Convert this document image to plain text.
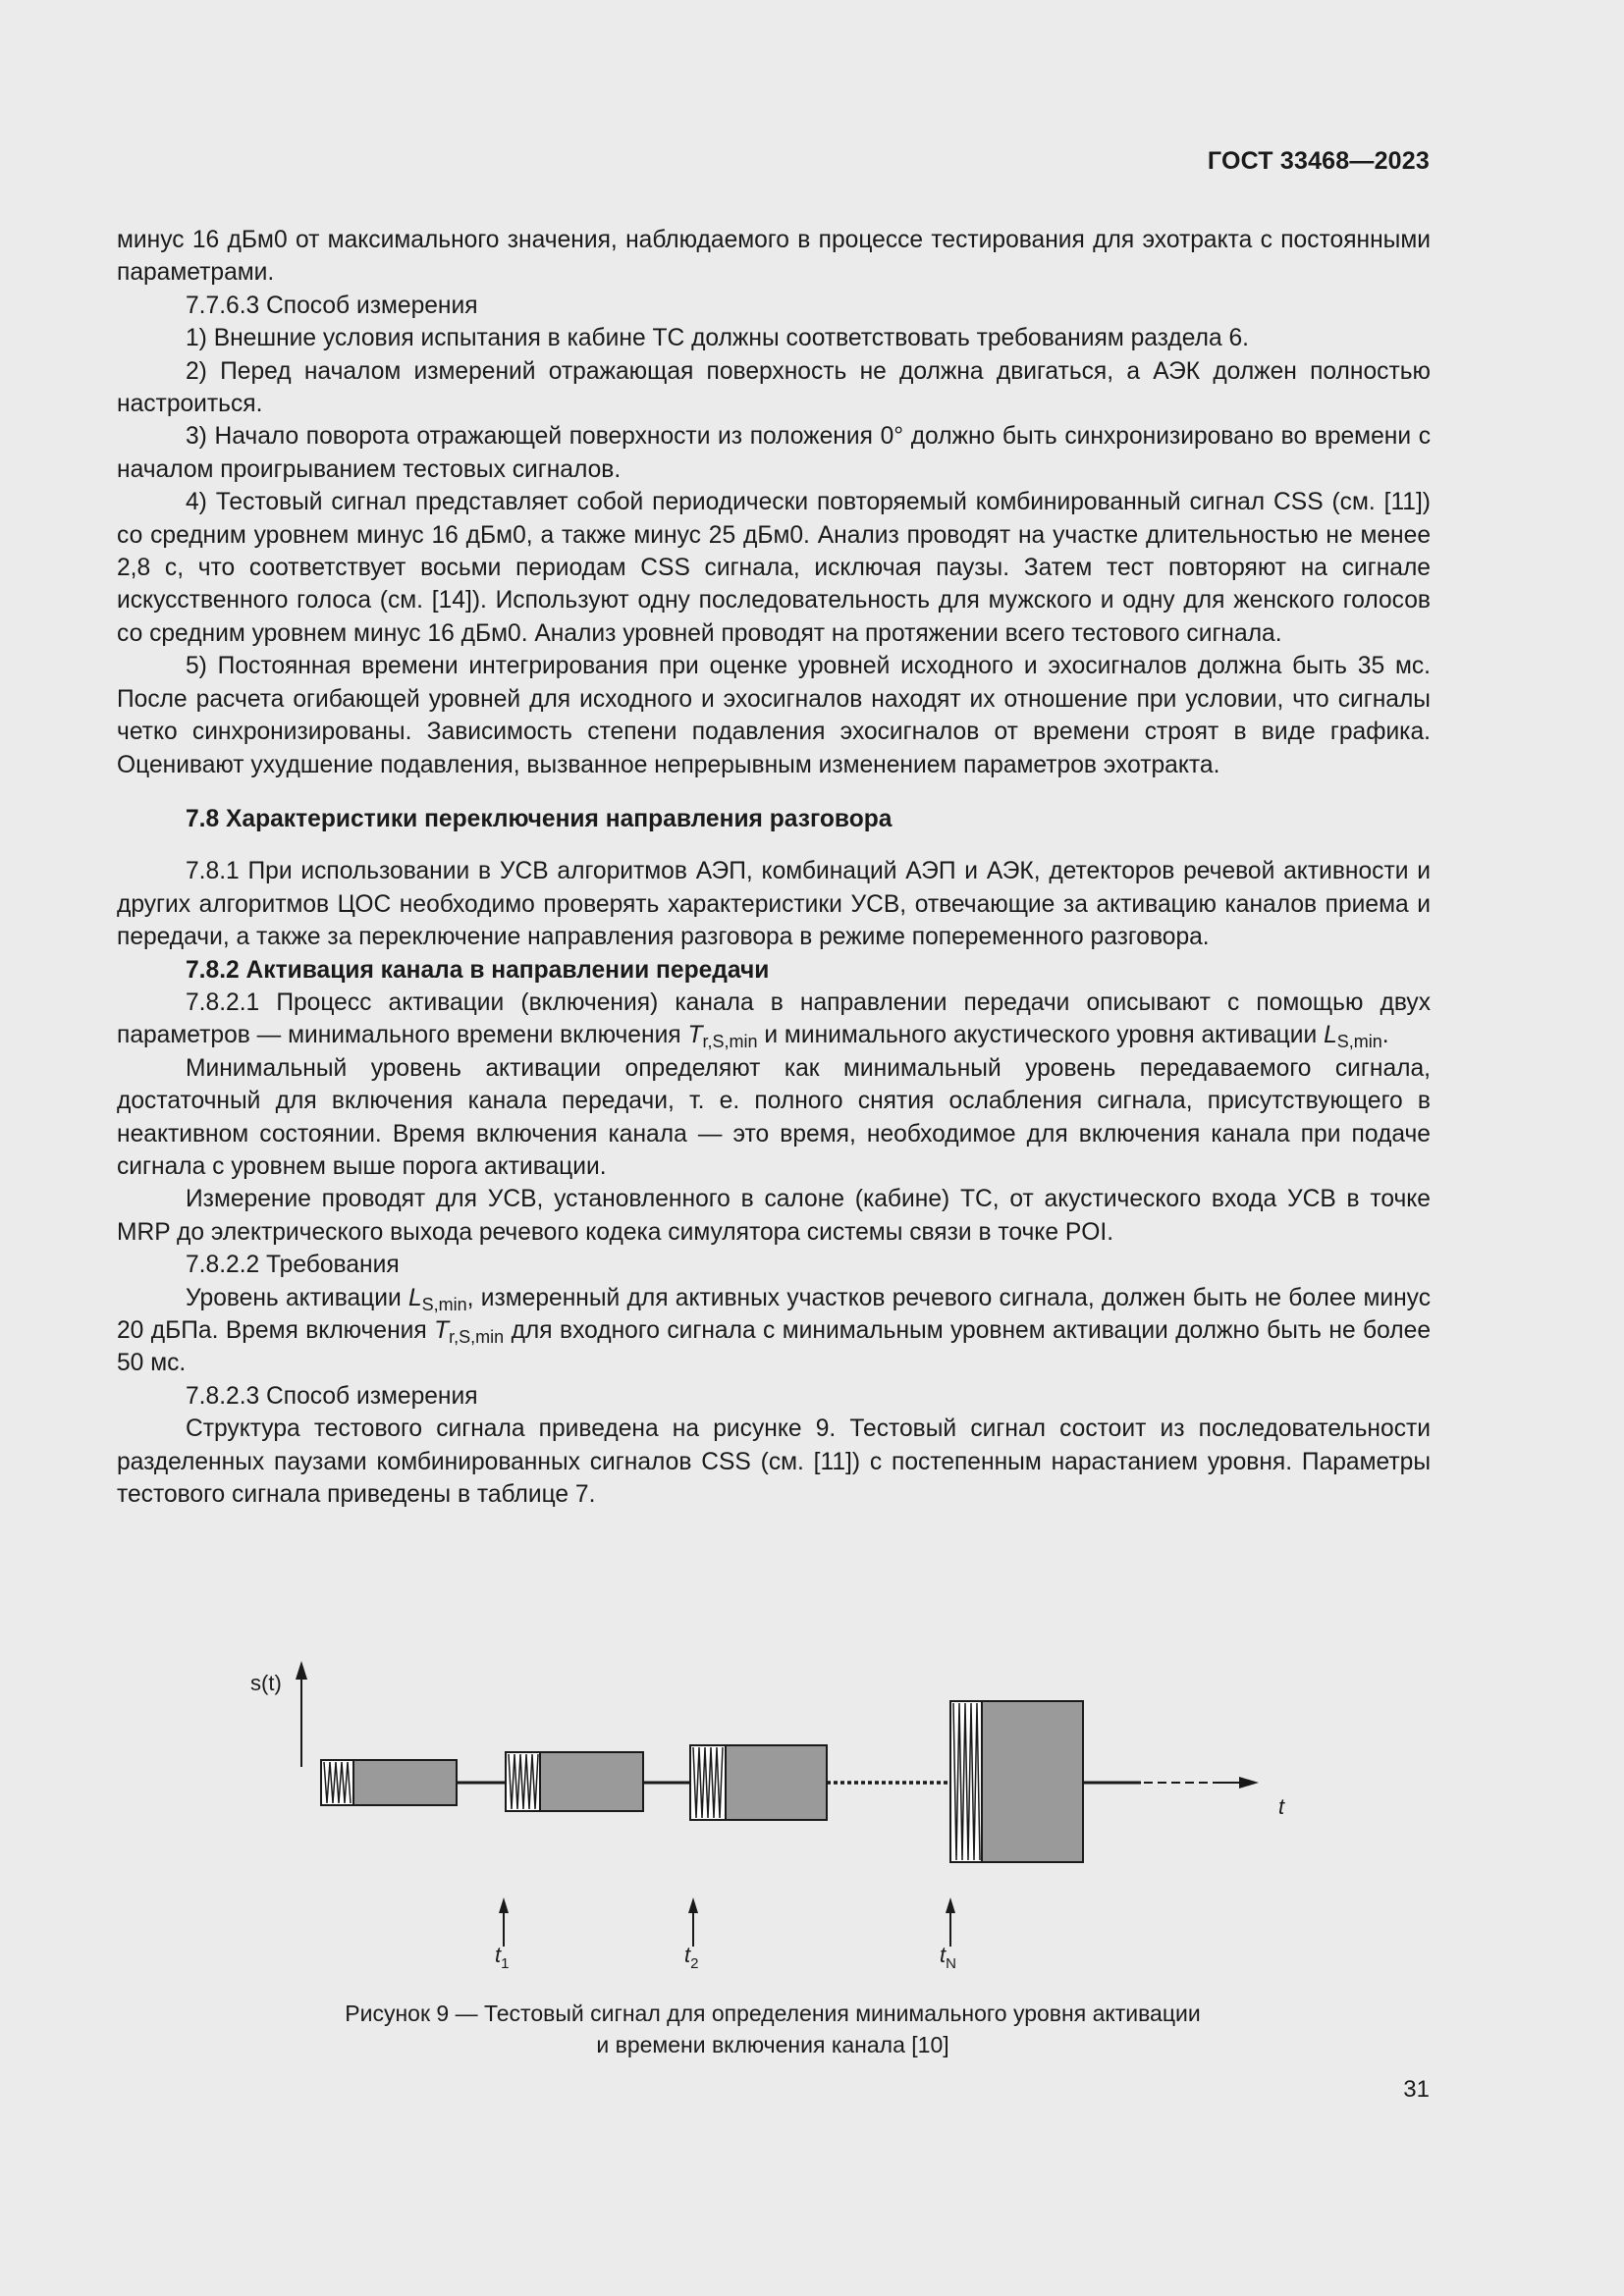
ГОСТ 33468—2023

минус 16 дБм0 от максимального значения, наблюдаемого в процессе тестирования для эхотракта с постоянными параметрами.

7.7.6.3 Способ измерения

1) Внешние условия испытания в кабине ТС должны соответствовать требованиям раздела 6.

2) Перед началом измерений отражающая поверхность не должна двигаться, а АЭК должен полностью настроиться.

3) Начало поворота отражающей поверхности из положения 0° должно быть синхронизировано во времени с началом проигрыванием тестовых сигналов.

4) Тестовый сигнал представляет собой периодически повторяемый комбинированный сигнал CSS (см. [11]) со средним уровнем минус 16 дБм0, а также минус 25 дБм0. Анализ проводят на участке длительностью не менее 2,8 с, что соответствует восьми периодам CSS сигнала, исключая паузы. Затем тест повторяют на сигнале искусственного голоса (см. [14]). Используют одну последовательность для мужского и одну для женского голосов со средним уровнем минус 16 дБм0. Анализ уровней проводят на протяжении всего тестового сигнала.

5) Постоянная времени интегрирования при оценке уровней исходного и эхосигналов должна быть 35 мс. После расчета огибающей уровней для исходного и эхосигналов находят их отношение при условии, что сигналы четко синхронизированы. Зависимость степени подавления эхосигналов от времени строят в виде графика. Оценивают ухудшение подавления, вызванное непрерывным изменением параметров эхотракта.

7.8 Характеристики переключения направления разговора

7.8.1 При использовании в УСВ алгоритмов АЭП, комбинаций АЭП и АЭК, детекторов речевой активности и других алгоритмов ЦОС необходимо проверять характеристики УСВ, отвечающие за активацию каналов приема и передачи, а также за переключение направления разговора в режиме попеременного разговора.

7.8.2 Активация канала в направлении передачи

7.8.2.1 Процесс активации (включения) канала в направлении передачи описывают с помощью двух параметров — минимального времени включения $T_{r,S,min}$ и минимального акустического уровня активации $L_{S,min}$.

Минимальный уровень активации определяют как минимальный уровень передаваемого сигнала, достаточный для включения канала передачи, т. е. полного снятия ослабления сигнала, присутствующего в неактивном состоянии. Время включения канала — это время, необходимое для включения канала при подаче сигнала с уровнем выше порога активации.

Измерение проводят для УСВ, установленного в салоне (кабине) ТС, от акустического входа УСВ в точке MRP до электрического выхода речевого кодека симулятора системы связи в точке POI.

7.8.2.2 Требования

Уровень активации $L_{S,min}$, измеренный для активных участков речевого сигнала, должен быть не более минус 20 дБПа. Время включения $T_{r,S,min}$ для входного сигнала с минимальным уровнем активации должно быть не более 50 мс.

7.8.2.3 Способ измерения

Структура тестового сигнала приведена на рисунке 9. Тестовый сигнал состоит из последовательности разделенных паузами комбинированных сигналов CSS (см. [11]) с постепенным нарастанием уровня. Параметры тестового сигнала приведены в таблице 7.

s(t)
t
$t_1$	$t_2$	$t_N$
Рисунок 9 — Тестовый сигнал для определения минимального уровня активации
и времени включения канала [10]
31
